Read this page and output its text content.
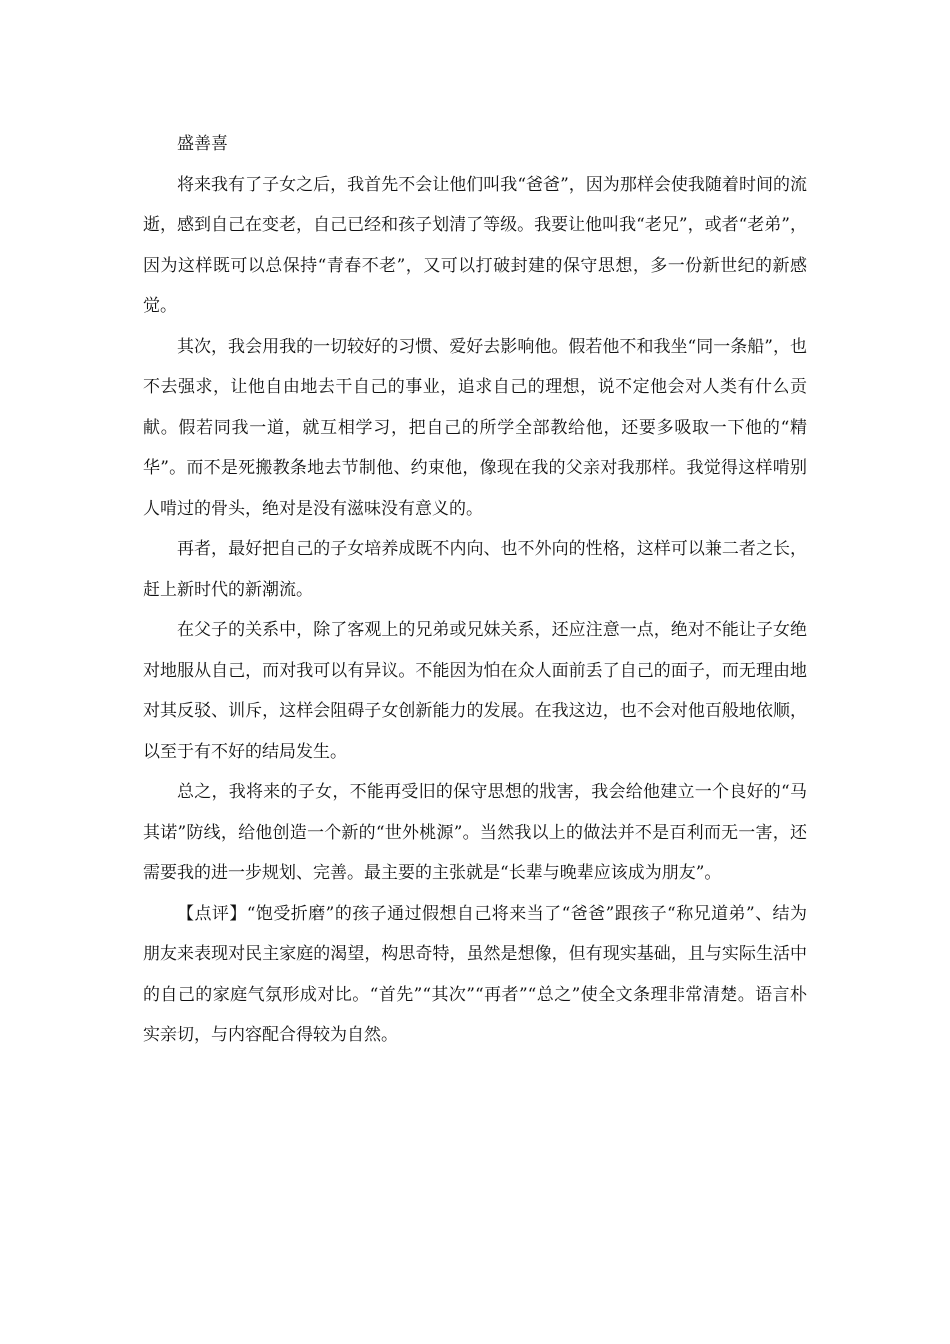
盛善喜

将来我有了子女之后，我首先不会让他们叫我“爸爸”，因为那样会使我随着时间的流逝，感到自己在变老，自己已经和孩子划清了等级。我要让他叫我“老兄”，或者“老弟”，因为这样既可以总保持“青春不老”，又可以打破封建的保守思想，多一份新世纪的新感觉。

其次，我会用我的一切较好的习惯、爱好去影响他。假若他不和我坐“同一条船”，也不去强求，让他自由地去干自己的事业，追求自己的理想，说不定他会对人类有什么贡献。假若同我一道，就互相学习，把自己的所学全部教给他，还要多吸取一下他的“精华”。而不是死搬教条地去节制他、约束他，像现在我的父亲对我那样。我觉得这样啃别人啃过的骨头，绝对是没有滋味没有意义的。

再者，最好把自己的子女培养成既不内向、也不外向的性格，这样可以兼二者之长，赶上新时代的新潮流。

在父子的关系中，除了客观上的兄弟或兄妹关系，还应注意一点，绝对不能让子女绝对地服从自己，而对我可以有异议。不能因为怕在众人面前丢了自己的面子，而无理由地对其反驳、训斥，这样会阻碍子女创新能力的发展。在我这边，也不会对他百般地依顺，以至于有不好的结局发生。

总之，我将来的子女，不能再受旧的保守思想的戕害，我会给他建立一个良好的“马其诺”防线，给他创造一个新的“世外桃源”。当然我以上的做法并不是百利而无一害，还需要我的进一步规划、完善。最主要的主张就是“长辈与晚辈应该成为朋友”。

【点评】“饱受折磨”的孩子通过假想自己将来当了“爸爸”跟孩子“称兄道弟”、结为朋友来表现对民主家庭的渴望，构思奇特，虽然是想像，但有现实基础，且与实际生活中的自己的家庭气氛形成对比。“首先”“其次”“再者”“总之”使全文条理非常清楚。语言朴实亲切，与内容配合得较为自然。
